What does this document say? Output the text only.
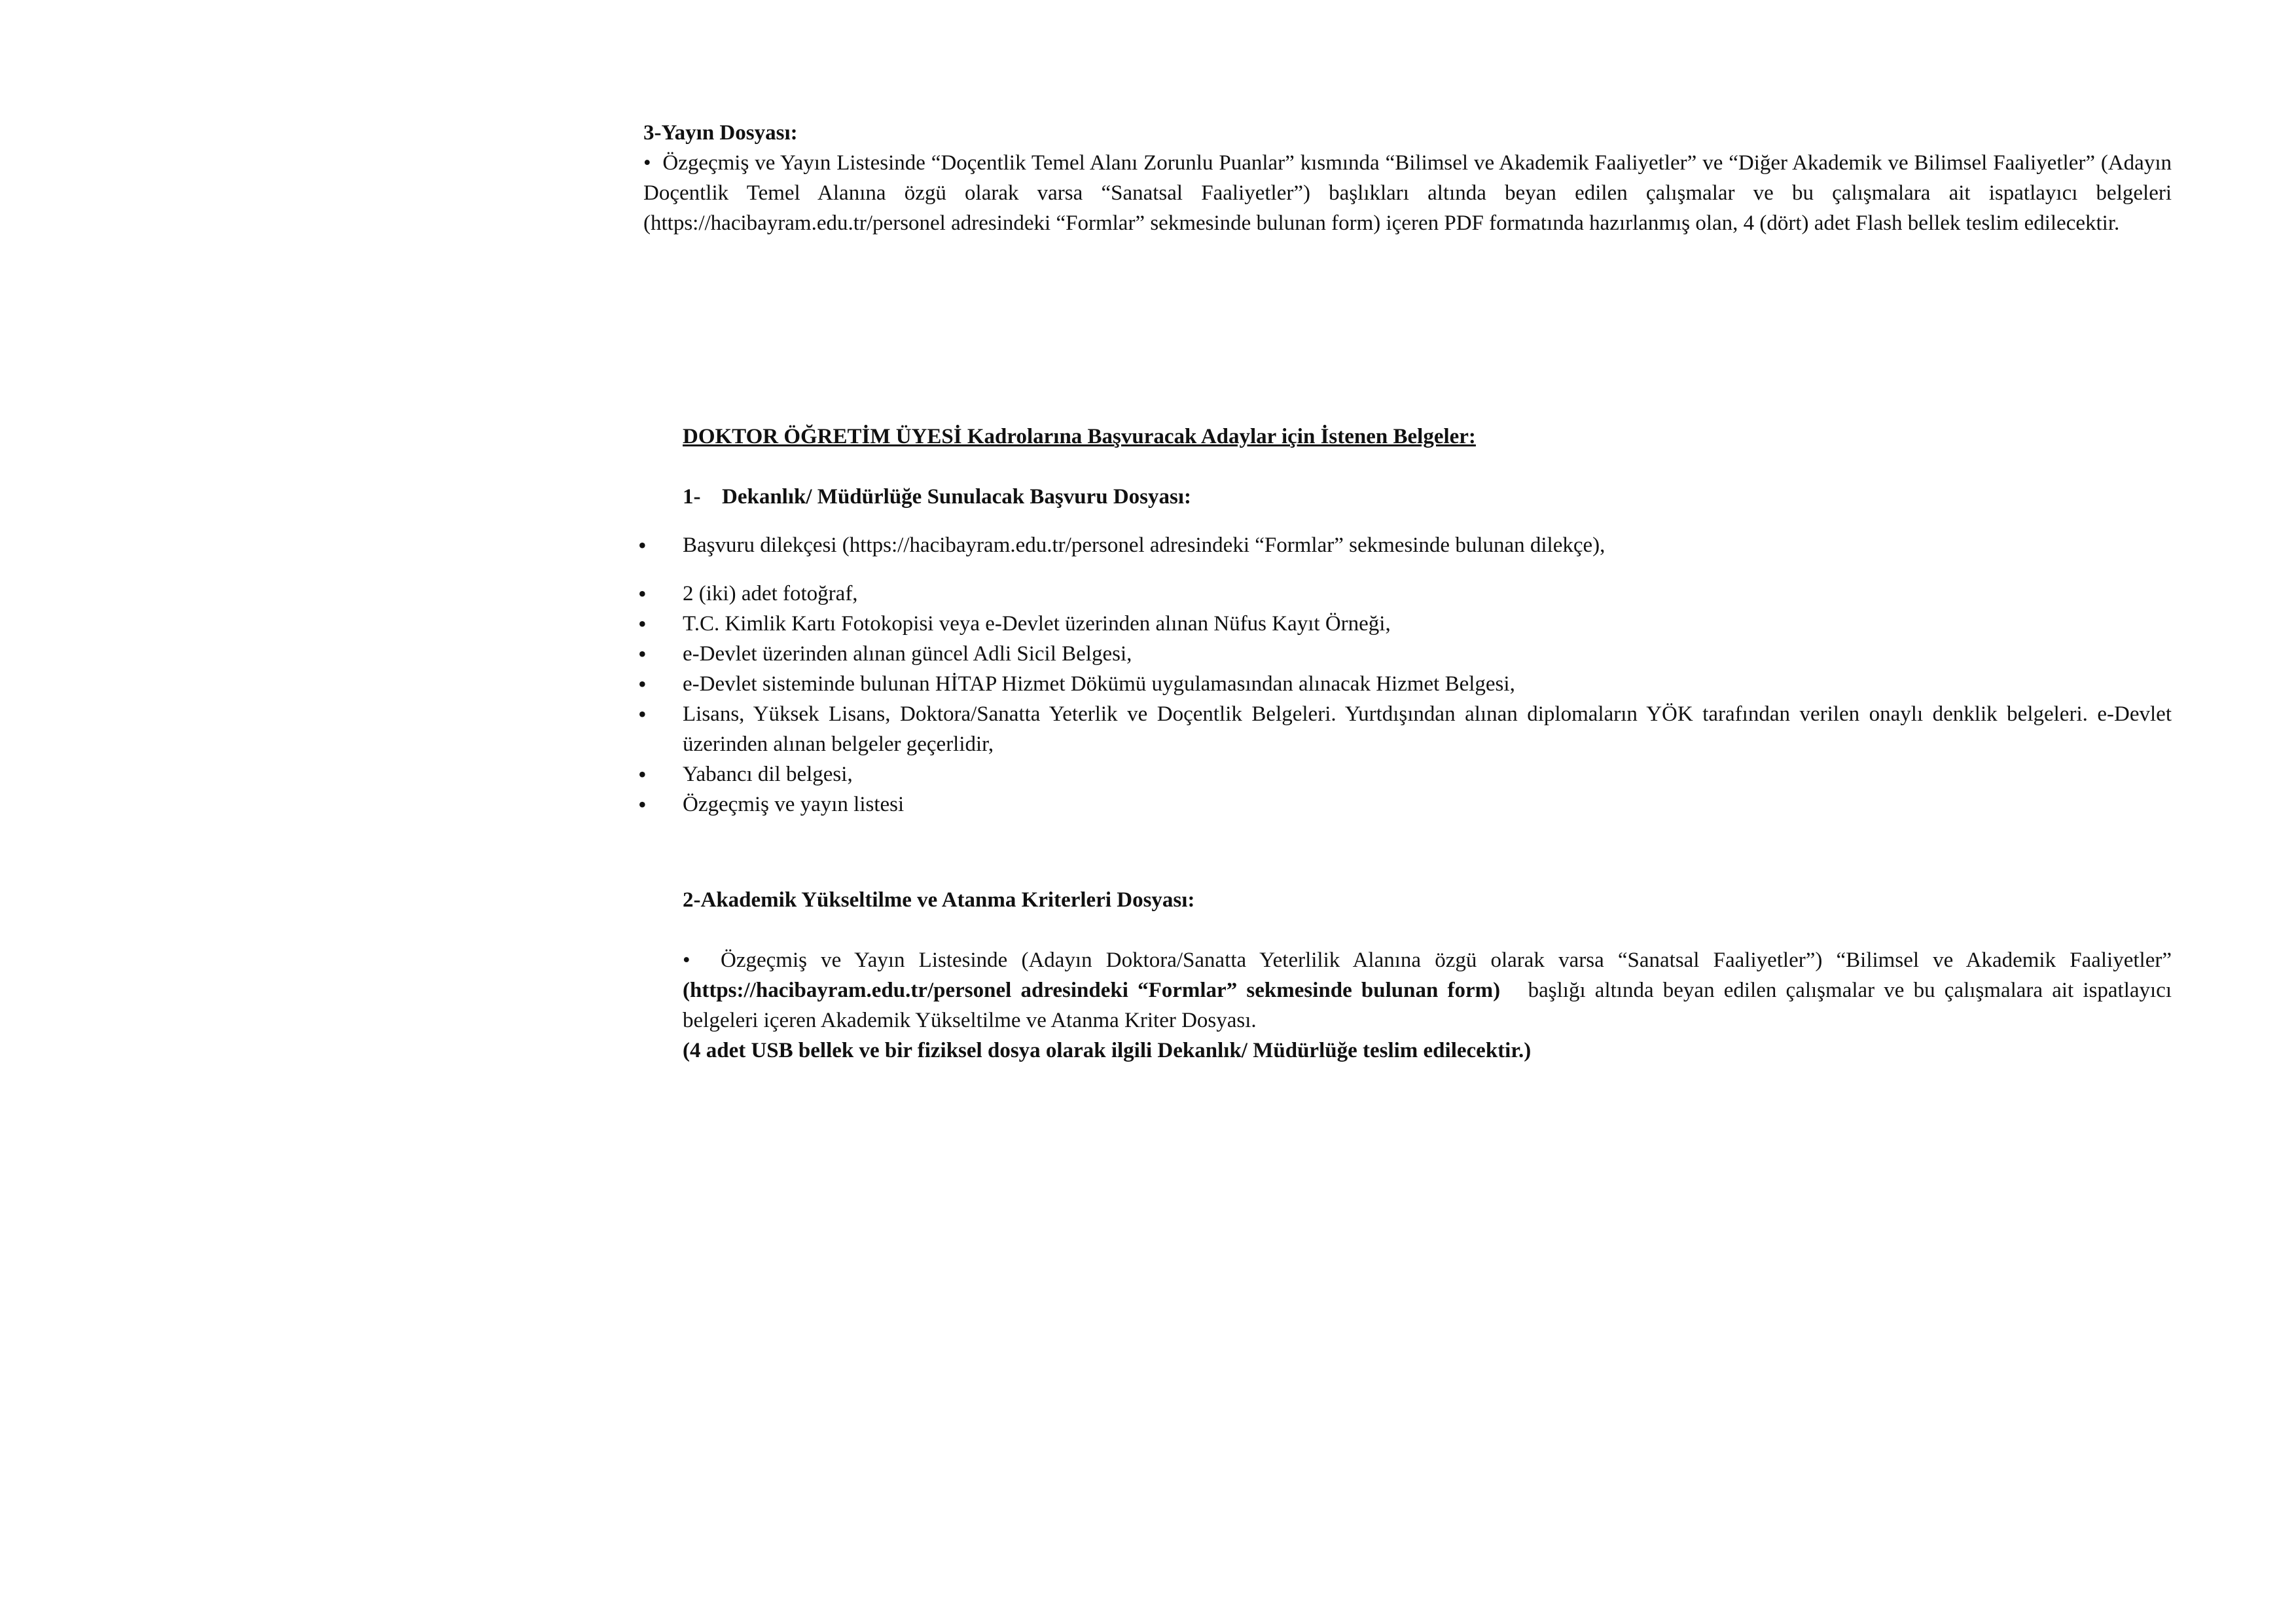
3-Yayın Dosyası:
• Özgeçmiş ve Yayın Listesinde “Doçentlik Temel Alanı Zorunlu Puanlar” kısmında “Bilimsel ve Akademik Faaliyetler” ve “Diğer Akademik ve Bilimsel Faaliyetler” (Adayın Doçentlik Temel Alanına özgü olarak varsa “Sanatsal Faaliyetler”) başlıkları altında beyan edilen çalışmalar ve bu çalışmalara ait ispatlayıcı belgeleri (https://hacibayram.edu.tr/personel adresindeki “Formlar” sekmesinde bulunan form) içeren PDF formatında hazırlanmış olan, 4 (dört) adet Flash bellek teslim edilecektir.
DOKTOR ÖĞRETİM ÜYESİ Kadrolarına Başvuracak Adaylar için İstenen Belgeler:
1- Dekanlık/ Müdürlüğe Sunulacak Başvuru Dosyası:
•	Başvuru dilekçesi (https://hacibayram.edu.tr/personel adresindeki “Formlar” sekmesinde bulunan dilekçe),
•	2 (iki) adet fotoğraf,
•	T.C. Kimlik Kartı Fotokopisi veya e-Devlet üzerinden alınan Nüfus Kayıt Örneği,
•	e-Devlet üzerinden alınan güncel Adli Sicil Belgesi,
•	e-Devlet sisteminde bulunan HİTAP Hizmet Dökümü uygulamasından alınacak Hizmet Belgesi,
•	Lisans, Yüksek Lisans, Doktora/Sanatta Yeterlik ve Doçentlik Belgeleri. Yurtdışından alınan diplomaların YÖK tarafından verilen onaylı denklik belgeleri. e-Devlet üzerinden alınan belgeler geçerlidir,
•	Yabancı dil belgesi,
•	Özgeçmiş ve yayın listesi
2-Akademik Yükseltilme ve Atanma Kriterleri Dosyası:
• Özgeçmiş ve Yayın Listesinde (Adayın Doktora/Sanatta Yeterlilik Alanına özgü olarak varsa “Sanatsal Faaliyetler”) “Bilimsel ve Akademik Faaliyetler” (https://hacibayram.edu.tr/personel adresindeki “Formlar” sekmesinde bulunan form) başlığı altında beyan edilen çalışmalar ve bu çalışmalara ait ispatlayıcı belgeleri içeren Akademik Yükseltilme ve Atanma Kriter Dosyası.
(4 adet USB bellek ve bir fiziksel dosya olarak ilgili Dekanlık/ Müdürlüğe teslim edilecektir.)
